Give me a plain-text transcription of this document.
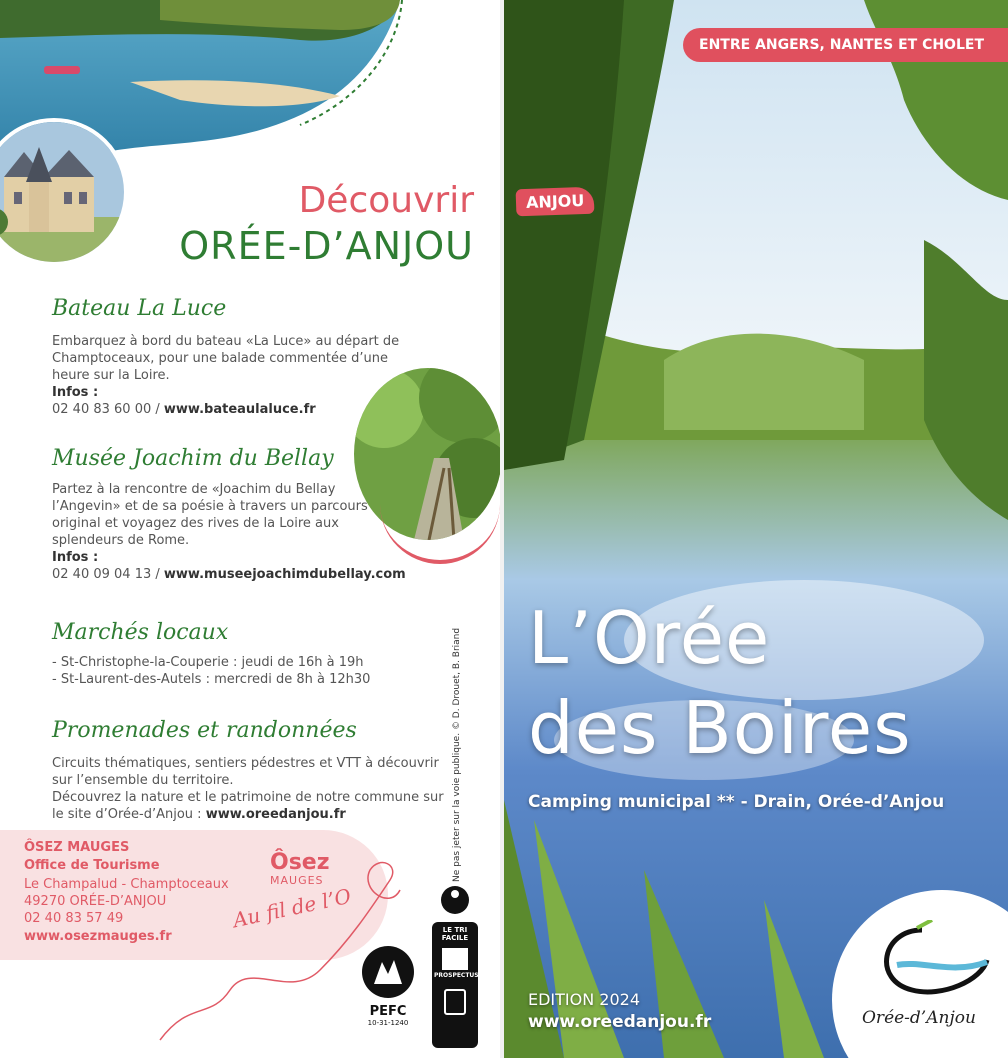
Découvrir
ORÉE-D’ANJOU
Bateau La Luce
Embarquez à bord du bateau «La Luce» au départ de
Champtoceaux, pour une balade commentée d’une
heure sur la Loire.
Infos :
02 40 83 60 00 / www.bateaulaluce.fr
Musée Joachim du Bellay
Partez à la rencontre de «Joachim du Bellay
l’Angevin» et de sa poésie à travers un parcours
original et voyagez des rives de la Loire aux
splendeurs de Rome.
Infos :
02 40 09 04 13 / www.museejoachimdubellay.com
Marchés locaux
- St-Christophe-la-Couperie : jeudi de 16h à 19h
- St-Laurent-des-Autels : mercredi de 8h à 12h30
Promenades et randonnées
Circuits thématiques, sentiers pédestres et VTT à découvrir
sur l’ensemble du territoire.
Découvrez la nature et le patrimoine de notre commune sur
le site d’Orée-d’Anjou : www.oreedanjou.fr	Ne pas jeter sur la voie publique. © D. Drouet, B. Briand
ÔSEZ MAUGES
Office de Tourisme
Le Champalud - Champtoceaux
49270 ORÉE-D’ANJOU
02 40 83 57 49
www.osezmauges.fr
Ôsez
MAUGES
Au fil de l’O
PEFC
10-31-1240
LE TRI
FACILE
PROSPECTUS
ENTRE ANGERS, NANTES ET CHOLET
ANJOU
L’Orée
des Boires
Camping municipal ** - Drain, Orée-d’Anjou
EDITION 2024
www.oreedanjou.fr	Orée-d’Anjou
